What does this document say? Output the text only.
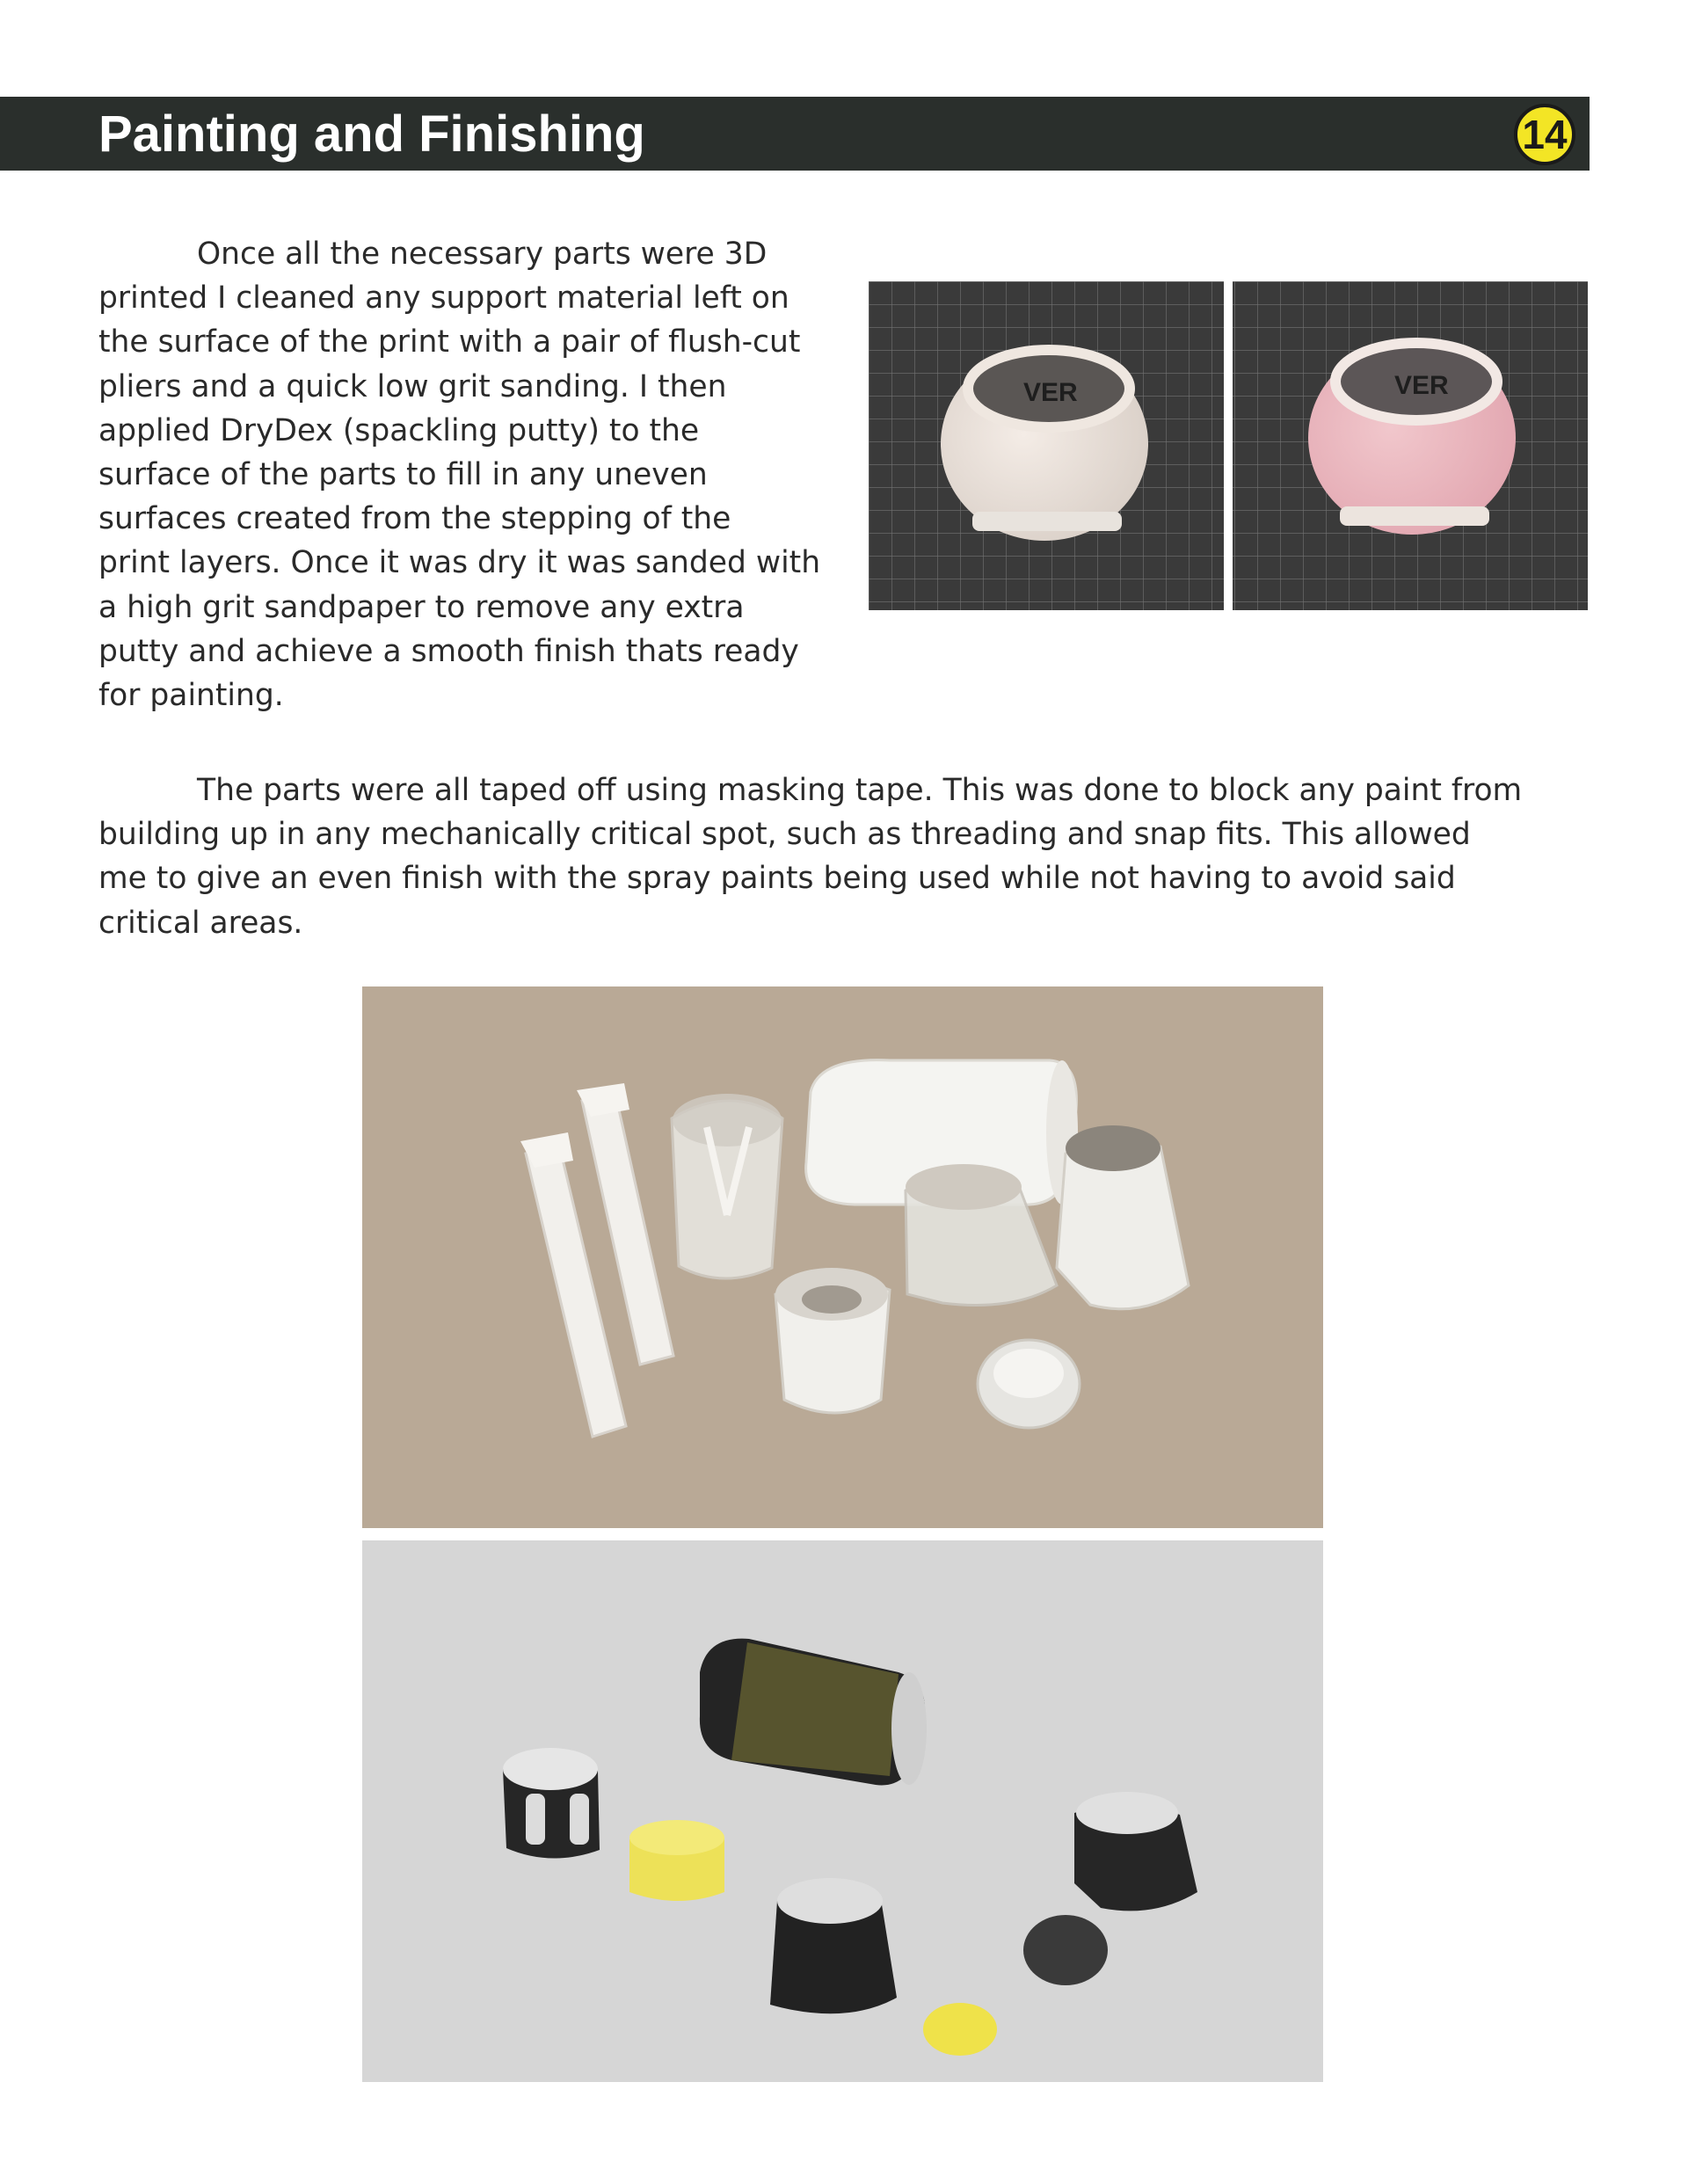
Painting and Finishing	14

Once all the necessary parts were 3D
printed I cleaned any support material left on
the surface of the print with a pair of flush-cut
pliers and a quick low grit sanding. I then
applied DryDex (spackling putty) to the
surface of the parts to fill in any uneven
surfaces created from the stepping of the
print layers. Once it was dry it was sanded with
a high grit sandpaper to remove any extra
putty and achieve a smooth finish thats ready
for painting.

The parts were all taped off using masking tape. This was done to block any paint from
building up in any mechanically critical spot, such as threading and snap fits. This allowed
me to give an even finish with the spray paints being used while not having to avoid said
critical areas.

VER	VER
